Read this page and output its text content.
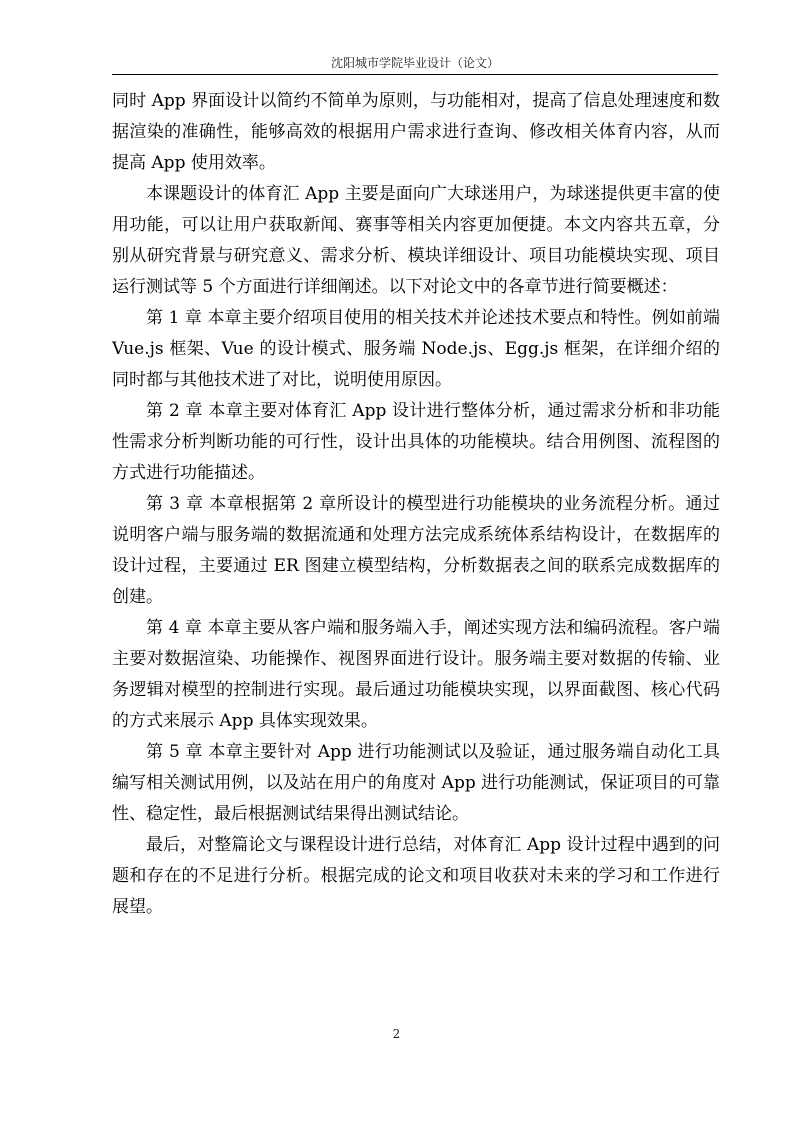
沈阳城市学院毕业设计（论文）

同时 App 界面设计以简约不简单为原则，与功能相对，提高了信息处理速度和数据渲染的准确性，能够高效的根据用户需求进行查询、修改相关体育内容，从而提高 App 使用效率。

本课题设计的体育汇 App 主要是面向广大球迷用户，为球迷提供更丰富的使用功能，可以让用户获取新闻、赛事等相关内容更加便捷。本文内容共五章，分别从研究背景与研究意义、需求分析、模块详细设计、项目功能模块实现、项目运行测试等 5 个方面进行详细阐述。以下对论文中的各章节进行简要概述：

第 1 章 本章主要介绍项目使用的相关技术并论述技术要点和特性。例如前端 Vue.js 框架、Vue 的设计模式、服务端 Node.js、Egg.js 框架，在详细介绍的同时都与其他技术进了对比，说明使用原因。

第 2 章 本章主要对体育汇 App 设计进行整体分析，通过需求分析和非功能性需求分析判断功能的可行性，设计出具体的功能模块。结合用例图、流程图的方式进行功能描述。

第 3 章 本章根据第 2 章所设计的模型进行功能模块的业务流程分析。通过说明客户端与服务端的数据流通和处理方法完成系统体系结构设计，在数据库的设计过程，主要通过 ER 图建立模型结构，分析数据表之间的联系完成数据库的创建。

第 4 章 本章主要从客户端和服务端入手，阐述实现方法和编码流程。客户端主要对数据渲染、功能操作、视图界面进行设计。服务端主要对数据的传输、业务逻辑对模型的控制进行实现。最后通过功能模块实现，以界面截图、核心代码的方式来展示 App 具体实现效果。

第 5 章 本章主要针对 App 进行功能测试以及验证，通过服务端自动化工具编写相关测试用例，以及站在用户的角度对 App 进行功能测试，保证项目的可靠性、稳定性，最后根据测试结果得出测试结论。

最后，对整篇论文与课程设计进行总结，对体育汇 App 设计过程中遇到的问题和存在的不足进行分析。根据完成的论文和项目收获对未来的学习和工作进行展望。

2
